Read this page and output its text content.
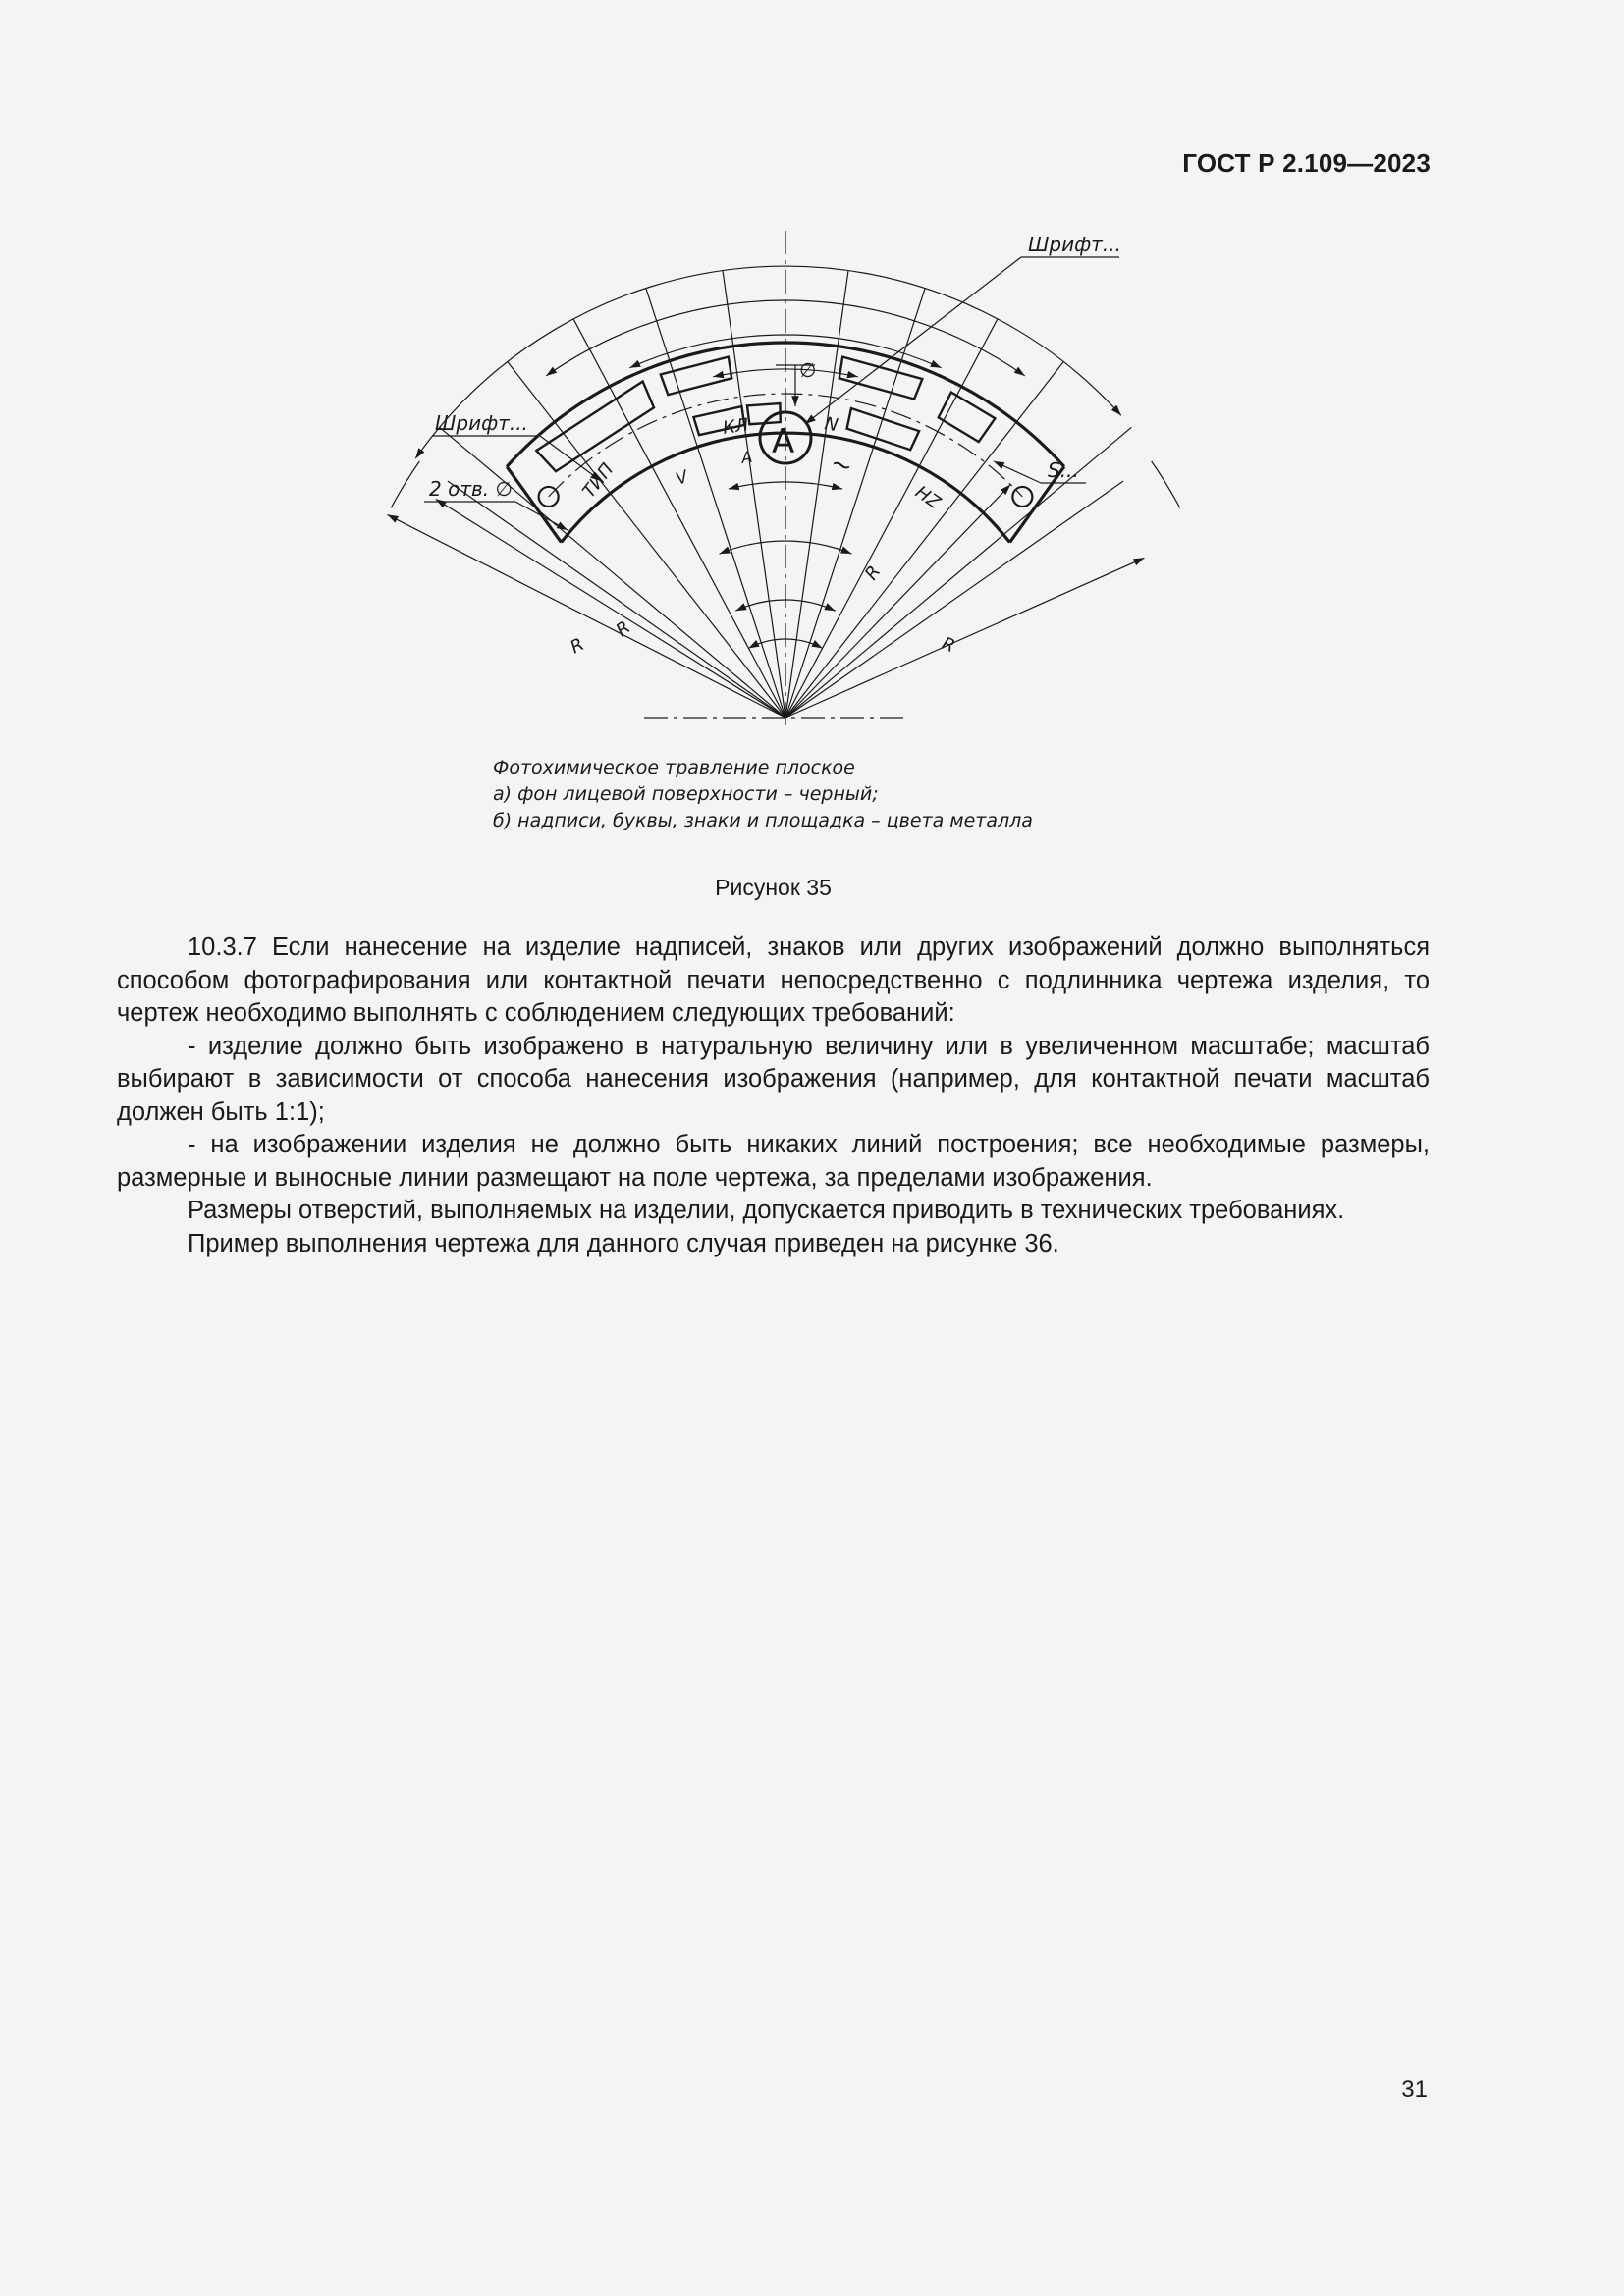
ГОСТ Р 2.109—2023
Шрифт...
Шрифт...
2 отв. ∅
S...
∅
ТИП	V
КЛ
А А N
~
HZ
R
R
R
R
Фотохимическое травление плоское
а) фон лицевой поверхности – черный;
б) надписи, буквы, знаки и площадка – цвета металла
Рисунок 35

10.3.7 Если нанесение на изделие надписей, знаков или других изображений должно выполняться способом фотографирования или контактной печати непосредственно с подлинника чертежа изделия, то чертеж необходимо выполнять с соблюдением следующих требований:

- изделие должно быть изображено в натуральную величину или в увеличенном масштабе; масштаб выбирают в зависимости от способа нанесения изображения (например, для контактной печати масштаб должен быть 1:1);

- на изображении изделия не должно быть никаких линий построения; все необходимые размеры, размерные и выносные линии размещают на поле чертежа, за пределами изображения.

Размеры отверстий, выполняемых на изделии, допускается приводить в технических требованиях.

Пример выполнения чертежа для данного случая приведен на рисунке 36.

31
